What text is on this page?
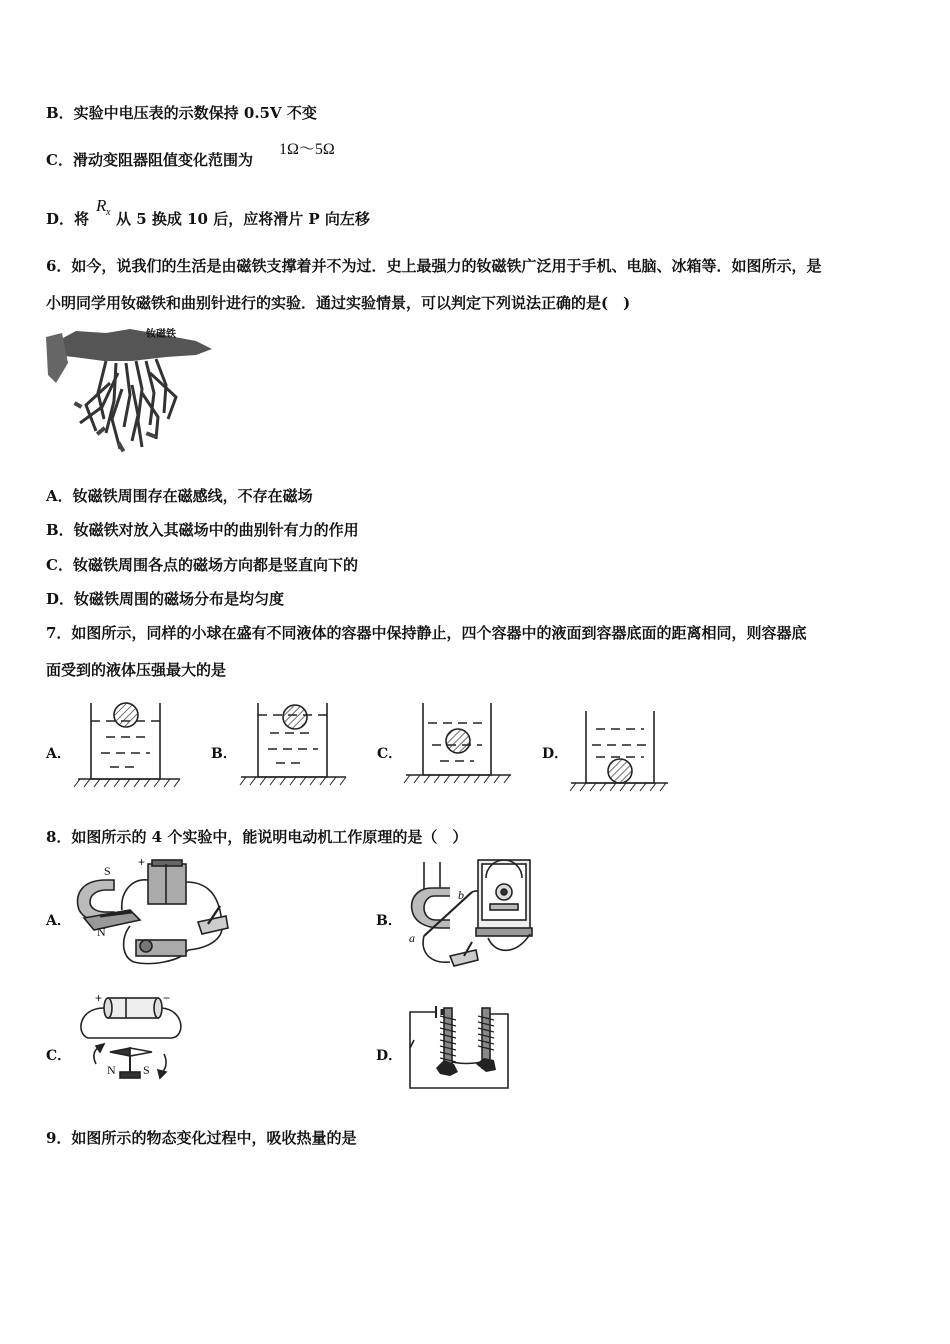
B．实验中电压表的示数保持 0.5V 不变
C．滑动变阻器阻值变化范围为
1Ω～5Ω
D．将
R x 从 5 换成 10 后，应将滑片 P 向左移
6．如今，说我们的生活是由磁铁支撑着并不为过．史上最强力的钕磁铁广泛用于手机、电脑、冰箱等．如图所示，是
小明同学用钕磁铁和曲别针进行的实验．通过实验情景，可以判定下列说法正确的是(　)
钕磁铁
A．钕磁铁周围存在磁感线，不存在磁场
B．钕磁铁对放入其磁场中的曲别针有力的作用
C．钕磁铁周围各点的磁场方向都是竖直向下的
D．钕磁铁周围的磁场分布是均匀度
7．如图所示，同样的小球在盛有不同液体的容器中保持静止，四个容器中的液面到容器底面的距离相同，则容器底
面受到的液体压强最大的是
A．	B．	C．	D．
8．如图所示的 4 个实验中，能说明电动机工作原理的是（　）
S
N
+
A．
b
a
B．
+	−
N S
C．	D．
9．如图所示的物态变化过程中，吸收热量的是
